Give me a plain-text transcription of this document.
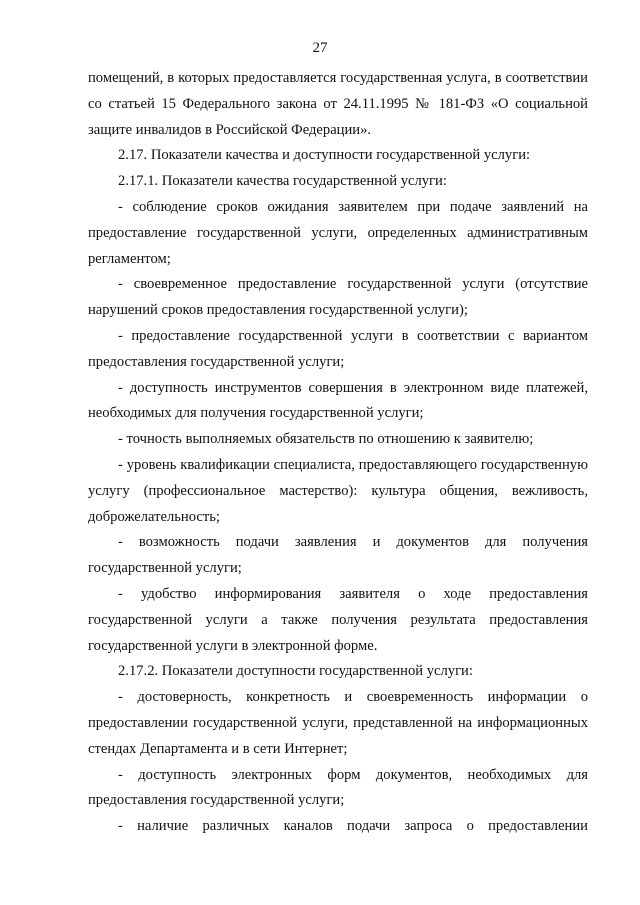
27

помещений, в которых предоставляется государственная услуга, в соответствии со статьей 15 Федерального закона от 24.11.1995 № 181-ФЗ «О социальной защите инвалидов в Российской Федерации».

2.17. Показатели качества и доступности государственной услуги:

2.17.1. Показатели качества государственной услуги:

- соблюдение сроков ожидания заявителем при подаче заявлений на предоставление государственной услуги, определенных административным регламентом;

- своевременное предоставление государственной услуги (отсутствие нарушений сроков предоставления государственной услуги);

- предоставление государственной услуги в соответствии с вариантом предоставления государственной услуги;

- доступность инструментов совершения в электронном виде платежей, необходимых для получения государственной услуги;

- точность выполняемых обязательств по отношению к заявителю;

- уровень квалификации специалиста, предоставляющего государственную услугу (профессиональное мастерство): культура общения, вежливость, доброжелательность;

- возможность подачи заявления и документов для получения государственной услуги;

- удобство информирования заявителя о ходе предоставления государственной услуги а также получения результата предоставления государственной услуги в электронной форме.

2.17.2. Показатели доступности государственной услуги:

- достоверность, конкретность и своевременность информации о предоставлении государственной услуги, представленной на информационных стендах Департамента и в сети Интернет;

- доступность электронных форм документов, необходимых для предоставления государственной услуги;

- наличие различных каналов подачи запроса о предоставлении
